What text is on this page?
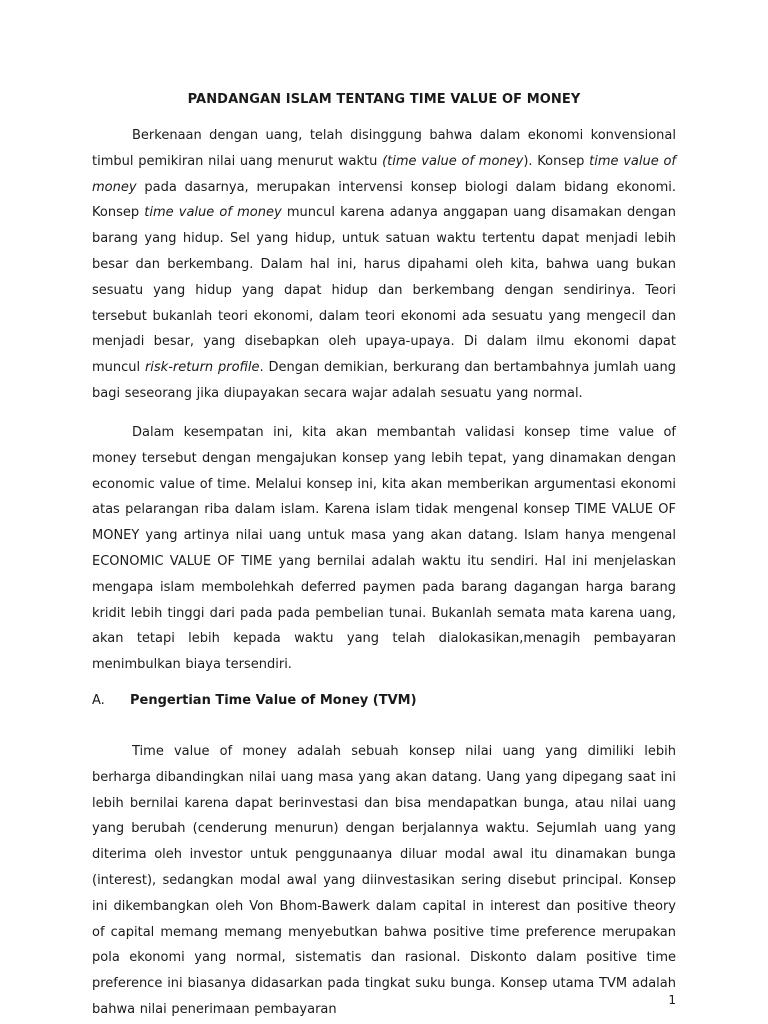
PANDANGAN ISLAM TENTANG TIME VALUE OF MONEY

Berkenaan dengan uang, telah disinggung bahwa dalam ekonomi konvensional timbul pemikiran nilai uang menurut waktu (time value of money). Konsep time value of money pada dasarnya, merupakan intervensi konsep biologi dalam bidang ekonomi. Konsep time value of money muncul karena adanya anggapan uang disamakan dengan barang yang hidup. Sel yang hidup, untuk satuan waktu tertentu dapat menjadi lebih besar dan berkembang. Dalam hal ini, harus dipahami oleh kita, bahwa uang bukan sesuatu yang hidup yang dapat hidup dan berkembang dengan sendirinya. Teori tersebut bukanlah teori ekonomi, dalam teori ekonomi ada sesuatu yang mengecil dan menjadi besar, yang disebapkan oleh upaya-upaya. Di dalam ilmu ekonomi dapat muncul risk-return profile. Dengan demikian, berkurang dan bertambahnya jumlah uang bagi seseorang jika diupayakan secara wajar adalah sesuatu yang normal.

Dalam kesempatan ini, kita akan membantah validasi konsep time value of money tersebut dengan mengajukan konsep yang lebih tepat, yang dinamakan dengan economic value of time. Melalui konsep ini, kita akan memberikan argumentasi ekonomi atas pelarangan riba dalam islam. Karena islam tidak mengenal konsep TIME VALUE OF MONEY yang artinya nilai uang untuk masa yang akan datang. Islam hanya mengenal ECONOMIC VALUE OF TIME yang bernilai adalah waktu itu sendiri. Hal ini menjelaskan mengapa islam membolehkah deferred paymen pada barang dagangan harga barang kridit lebih tinggi dari pada pada pembelian tunai. Bukanlah semata mata karena uang, akan tetapi lebih kepada waktu yang telah dialokasikan,menagih pembayaran menimbulkan biaya tersendiri.

A.	Pengertian Time Value of Money (TVM)

Time value of money adalah sebuah konsep nilai uang yang dimiliki lebih berharga dibandingkan nilai uang masa yang akan datang. Uang yang dipegang saat ini lebih bernilai karena dapat berinvestasi dan bisa mendapatkan bunga, atau nilai uang yang berubah (cenderung menurun) dengan berjalannya waktu. Sejumlah uang yang diterima oleh investor untuk penggunaanya diluar modal awal itu dinamakan bunga (interest), sedangkan modal awal yang diinvestasikan sering disebut principal. Konsep ini dikembangkan oleh Von Bhom-Bawerk dalam capital in interest dan positive theory of capital memang memang menyebutkan bahwa positive time preference merupakan pola ekonomi yang normal, sistematis dan rasional. Diskonto dalam positive time preference ini biasanya didasarkan pada tingkat suku bunga. Konsep utama TVM adalah bahwa nilai penerimaan pembayaran

1
